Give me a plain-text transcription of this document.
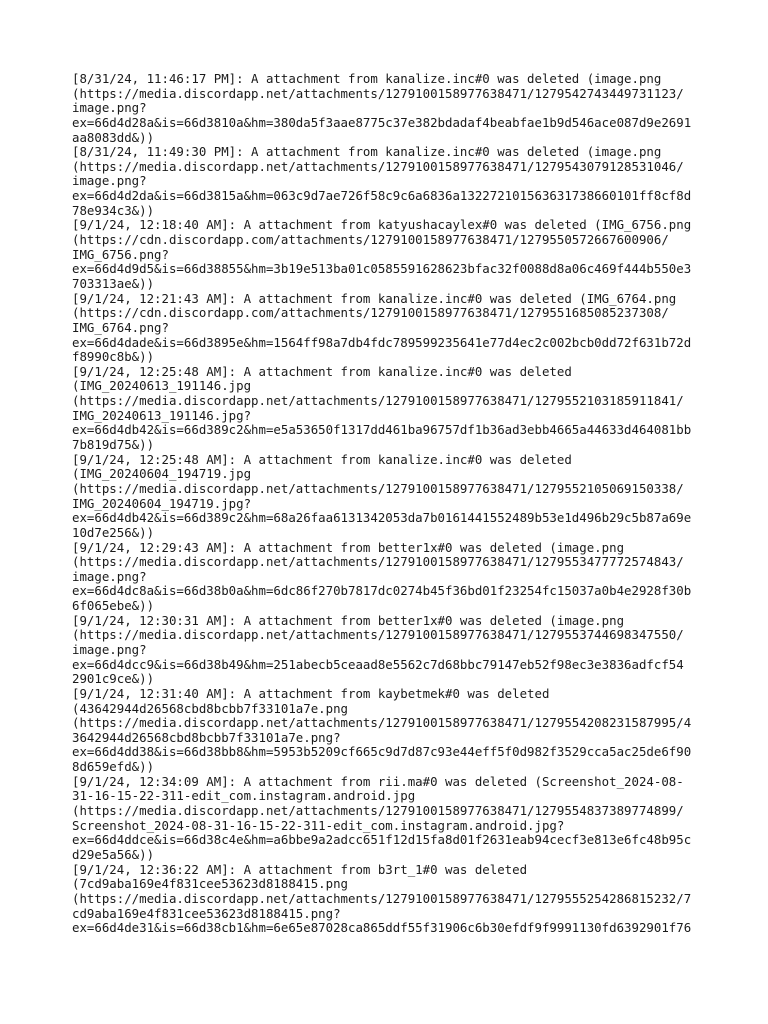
[8/31/24, 11:46:17 PM]: A attachment from kanalize.inc#0 was deleted (image.png
(https://media.discordapp.net/attachments/1279100158977638471/1279542743449731123/
image.png?
ex=66d4d28a&is=66d3810a&hm=380da5f3aae8775c37e382bdadaf4beabfae1b9d546ace087d9e2691
aa8083dd&))
[8/31/24, 11:49:30 PM]: A attachment from kanalize.inc#0 was deleted (image.png
(https://media.discordapp.net/attachments/1279100158977638471/1279543079128531046/
image.png?
ex=66d4d2da&is=66d3815a&hm=063c9d7ae726f58c9c6a6836a132272101563631738660101ff8cf8d
78e934c3&))
[9/1/24, 12:18:40 AM]: A attachment from katyushacaylex#0 was deleted (IMG_6756.png
(https://cdn.discordapp.com/attachments/1279100158977638471/1279550572667600906/
IMG_6756.png?
ex=66d4d9d5&is=66d38855&hm=3b19e513ba01c0585591628623bfac32f0088d8a06c469f444b550e3
703313ae&))
[9/1/24, 12:21:43 AM]: A attachment from kanalize.inc#0 was deleted (IMG_6764.png
(https://cdn.discordapp.com/attachments/1279100158977638471/1279551685085237308/
IMG_6764.png?
ex=66d4dade&is=66d3895e&hm=1564ff98a7db4fdc789599235641e77d4ec2c002bcb0dd72f631b72d
f8990c8b&))
[9/1/24, 12:25:48 AM]: A attachment from kanalize.inc#0 was deleted
(IMG_20240613_191146.jpg
(https://media.discordapp.net/attachments/1279100158977638471/1279552103185911841/
IMG_20240613_191146.jpg?
ex=66d4db42&is=66d389c2&hm=e5a53650f1317dd461ba96757df1b36ad3ebb4665a44633d464081bb
7b819d75&))
[9/1/24, 12:25:48 AM]: A attachment from kanalize.inc#0 was deleted
(IMG_20240604_194719.jpg
(https://media.discordapp.net/attachments/1279100158977638471/1279552105069150338/
IMG_20240604_194719.jpg?
ex=66d4db42&is=66d389c2&hm=68a26faa6131342053da7b0161441552489b53e1d496b29c5b87a69e
10d7e256&))
[9/1/24, 12:29:43 AM]: A attachment from better1x#0 was deleted (image.png
(https://media.discordapp.net/attachments/1279100158977638471/1279553477772574843/
image.png?
ex=66d4dc8a&is=66d38b0a&hm=6dc86f270b7817dc0274b45f36bd01f23254fc15037a0b4e2928f30b
6f065ebe&))
[9/1/24, 12:30:31 AM]: A attachment from better1x#0 was deleted (image.png
(https://media.discordapp.net/attachments/1279100158977638471/1279553744698347550/
image.png?
ex=66d4dcc9&is=66d38b49&hm=251abecb5ceaad8e5562c7d68bbc79147eb52f98ec3e3836adfcf54
2901c9ce&))
[9/1/24, 12:31:40 AM]: A attachment from kaybetmek#0 was deleted
(43642944d26568cbd8bcbb7f33101a7e.png
(https://media.discordapp.net/attachments/1279100158977638471/1279554208231587995/4
3642944d26568cbd8bcbb7f33101a7e.png?
ex=66d4dd38&is=66d38bb8&hm=5953b5209cf665c9d7d87c93e44eff5f0d982f3529cca5ac25de6f90
8d659efd&))
[9/1/24, 12:34:09 AM]: A attachment from rii.ma#0 was deleted (Screenshot_2024-08-
31-16-15-22-311-edit_com.instagram.android.jpg
(https://media.discordapp.net/attachments/1279100158977638471/1279554837389774899/
Screenshot_2024-08-31-16-15-22-311-edit_com.instagram.android.jpg?
ex=66d4ddce&is=66d38c4e&hm=a6bbe9a2adcc651f12d15fa8d01f2631eab94cecf3e813e6fc48b95c
d29e5a56&))
[9/1/24, 12:36:22 AM]: A attachment from b3rt_1#0 was deleted
(7cd9aba169e4f831cee53623d8188415.png
(https://media.discordapp.net/attachments/1279100158977638471/1279555254286815232/7
cd9aba169e4f831cee53623d8188415.png?
ex=66d4de31&is=66d38cb1&hm=6e65e87028ca865ddf55f31906c6b30efdf9f9991130fd6392901f76
